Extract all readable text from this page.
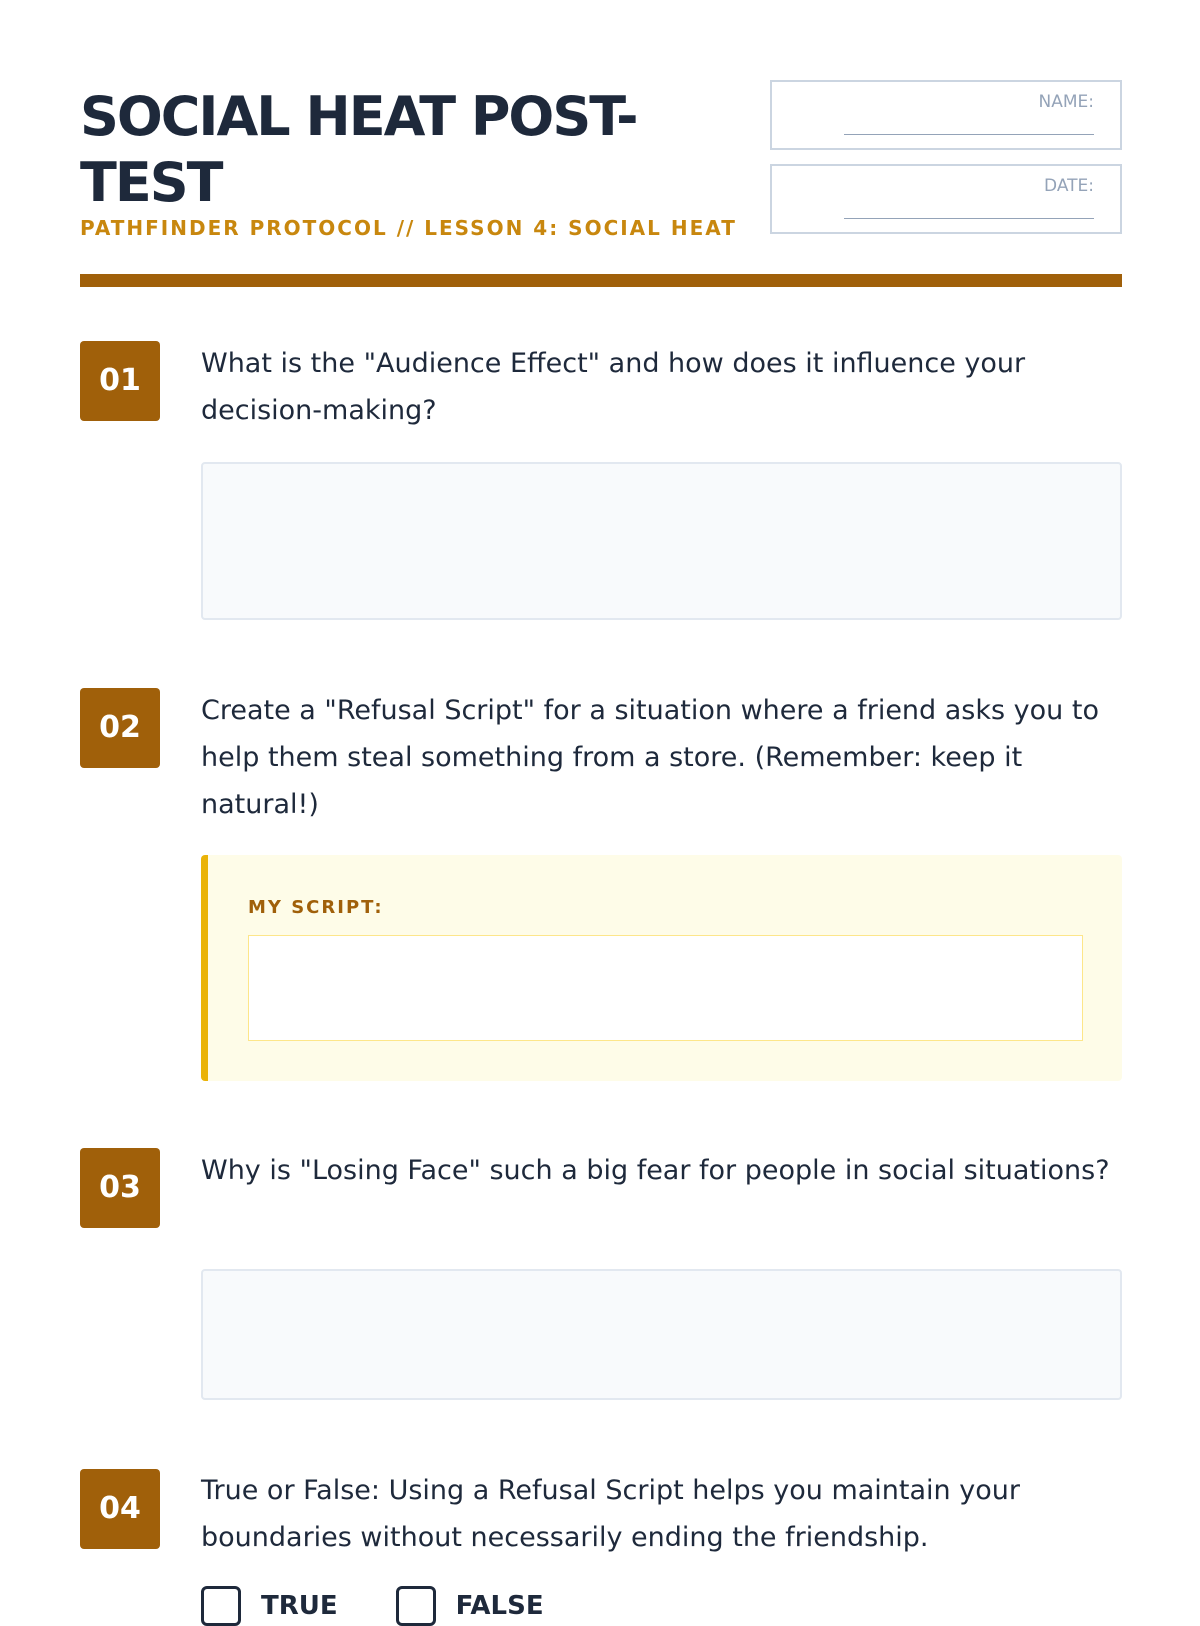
SOCIAL HEAT POST-TEST
PATHFINDER PROTOCOL // LESSON 4: SOCIAL HEAT
NAME:
DATE:
01	What is the "Audience Effect" and how does it influence your decision-making?
02	Create a "Refusal Script" for a situation where a friend asks you to help them steal something from a store. (Remember: keep it natural!)
MY SCRIPT:
03	Why is "Losing Face" such a big fear for people in social situations?
04
True or False: Using a Refusal Script helps you maintain your boundaries without necessarily ending the friendship.
TRUE	FALSE
